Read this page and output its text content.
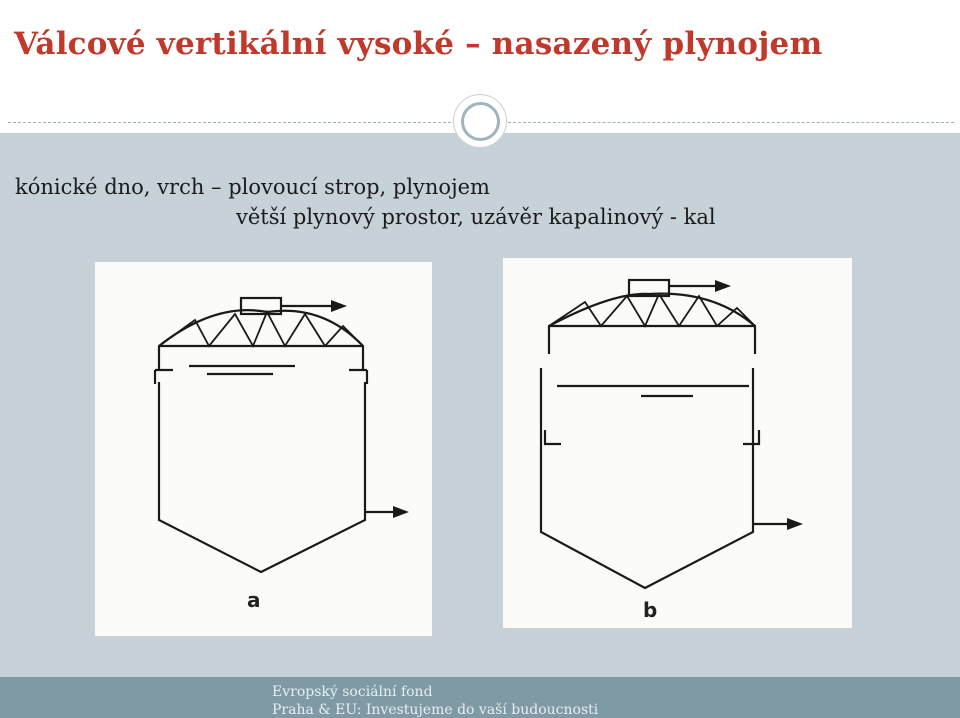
Válcové vertikální vysoké – nasazený plynojem
kónické dno, vrch – plovoucí strop, plynojem
větší plynový prostor, uzávěr kapalinový - kal
a	b
Evropský sociální fond
Praha & EU: Investujeme do vaší budoucnosti
